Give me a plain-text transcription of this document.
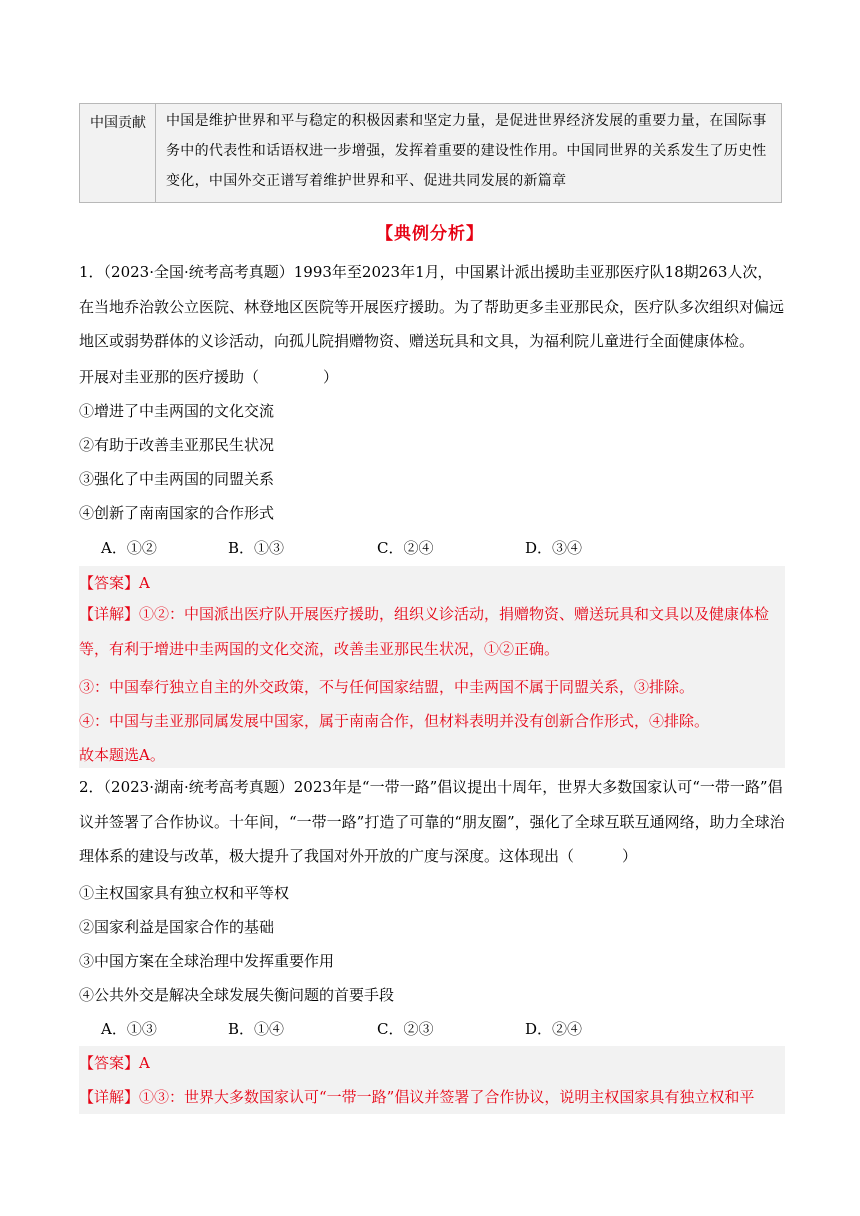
中国贡献	中国是维护世界和平与稳定的积极因素和坚定力量，是促进世界经济发展的重要力量，在国际事务中的代表性和话语权进一步增强，发挥着重要的建设性作用。中国同世界的关系发生了历史性变化，中国外交正谱写着维护世界和平、促进共同发展的新篇章
【典例分析】
1．（2023·全国·统考高考真题）1993年至2023年1月，中国累计派出援助圭亚那医疗队18期263人次，在当地乔治敦公立医院、林登地区医院等开展医疗援助。为了帮助更多圭亚那民众，医疗队多次组织对偏远地区或弱势群体的义诊活动，向孤儿院捐赠物资、赠送玩具和文具，为福利院儿童进行全面健康体检。
开展对圭亚那的医疗援助（	）
①增进了中圭两国的文化交流
②有助于改善圭亚那民生状况
③强化了中圭两国的同盟关系
④创新了南南国家的合作形式
A．①②	B．①③	C．②④	D．③④
【答案】A
【详解】①②：中国派出医疗队开展医疗援助，组织义诊活动，捐赠物资、赠送玩具和文具以及健康体检等，有利于增进中圭两国的文化交流，改善圭亚那民生状况，①②正确。
③：中国奉行独立自主的外交政策，不与任何国家结盟，中圭两国不属于同盟关系，③排除。
④：中国与圭亚那同属发展中国家，属于南南合作，但材料表明并没有创新合作形式，④排除。
故本题选A。
2．（2023·湖南·统考高考真题）2023年是“一带一路”倡议提出十周年，世界大多数国家认可“一带一路”倡议并签署了合作协议。十年间，“一带一路”打造了可靠的“朋友圈”，强化了全球互联互通网络，助力全球治理体系的建设与改革，极大提升了我国对外开放的广度与深度。这体现出（	）
①主权国家具有独立权和平等权
②国家利益是国家合作的基础
③中国方案在全球治理中发挥重要作用
④公共外交是解决全球发展失衡问题的首要手段
A．①③	B．①④	C．②③	D．②④
【答案】A
【详解】①③：世界大多数国家认可“一带一路”倡议并签署了合作协议，说明主权国家具有独立权和平
